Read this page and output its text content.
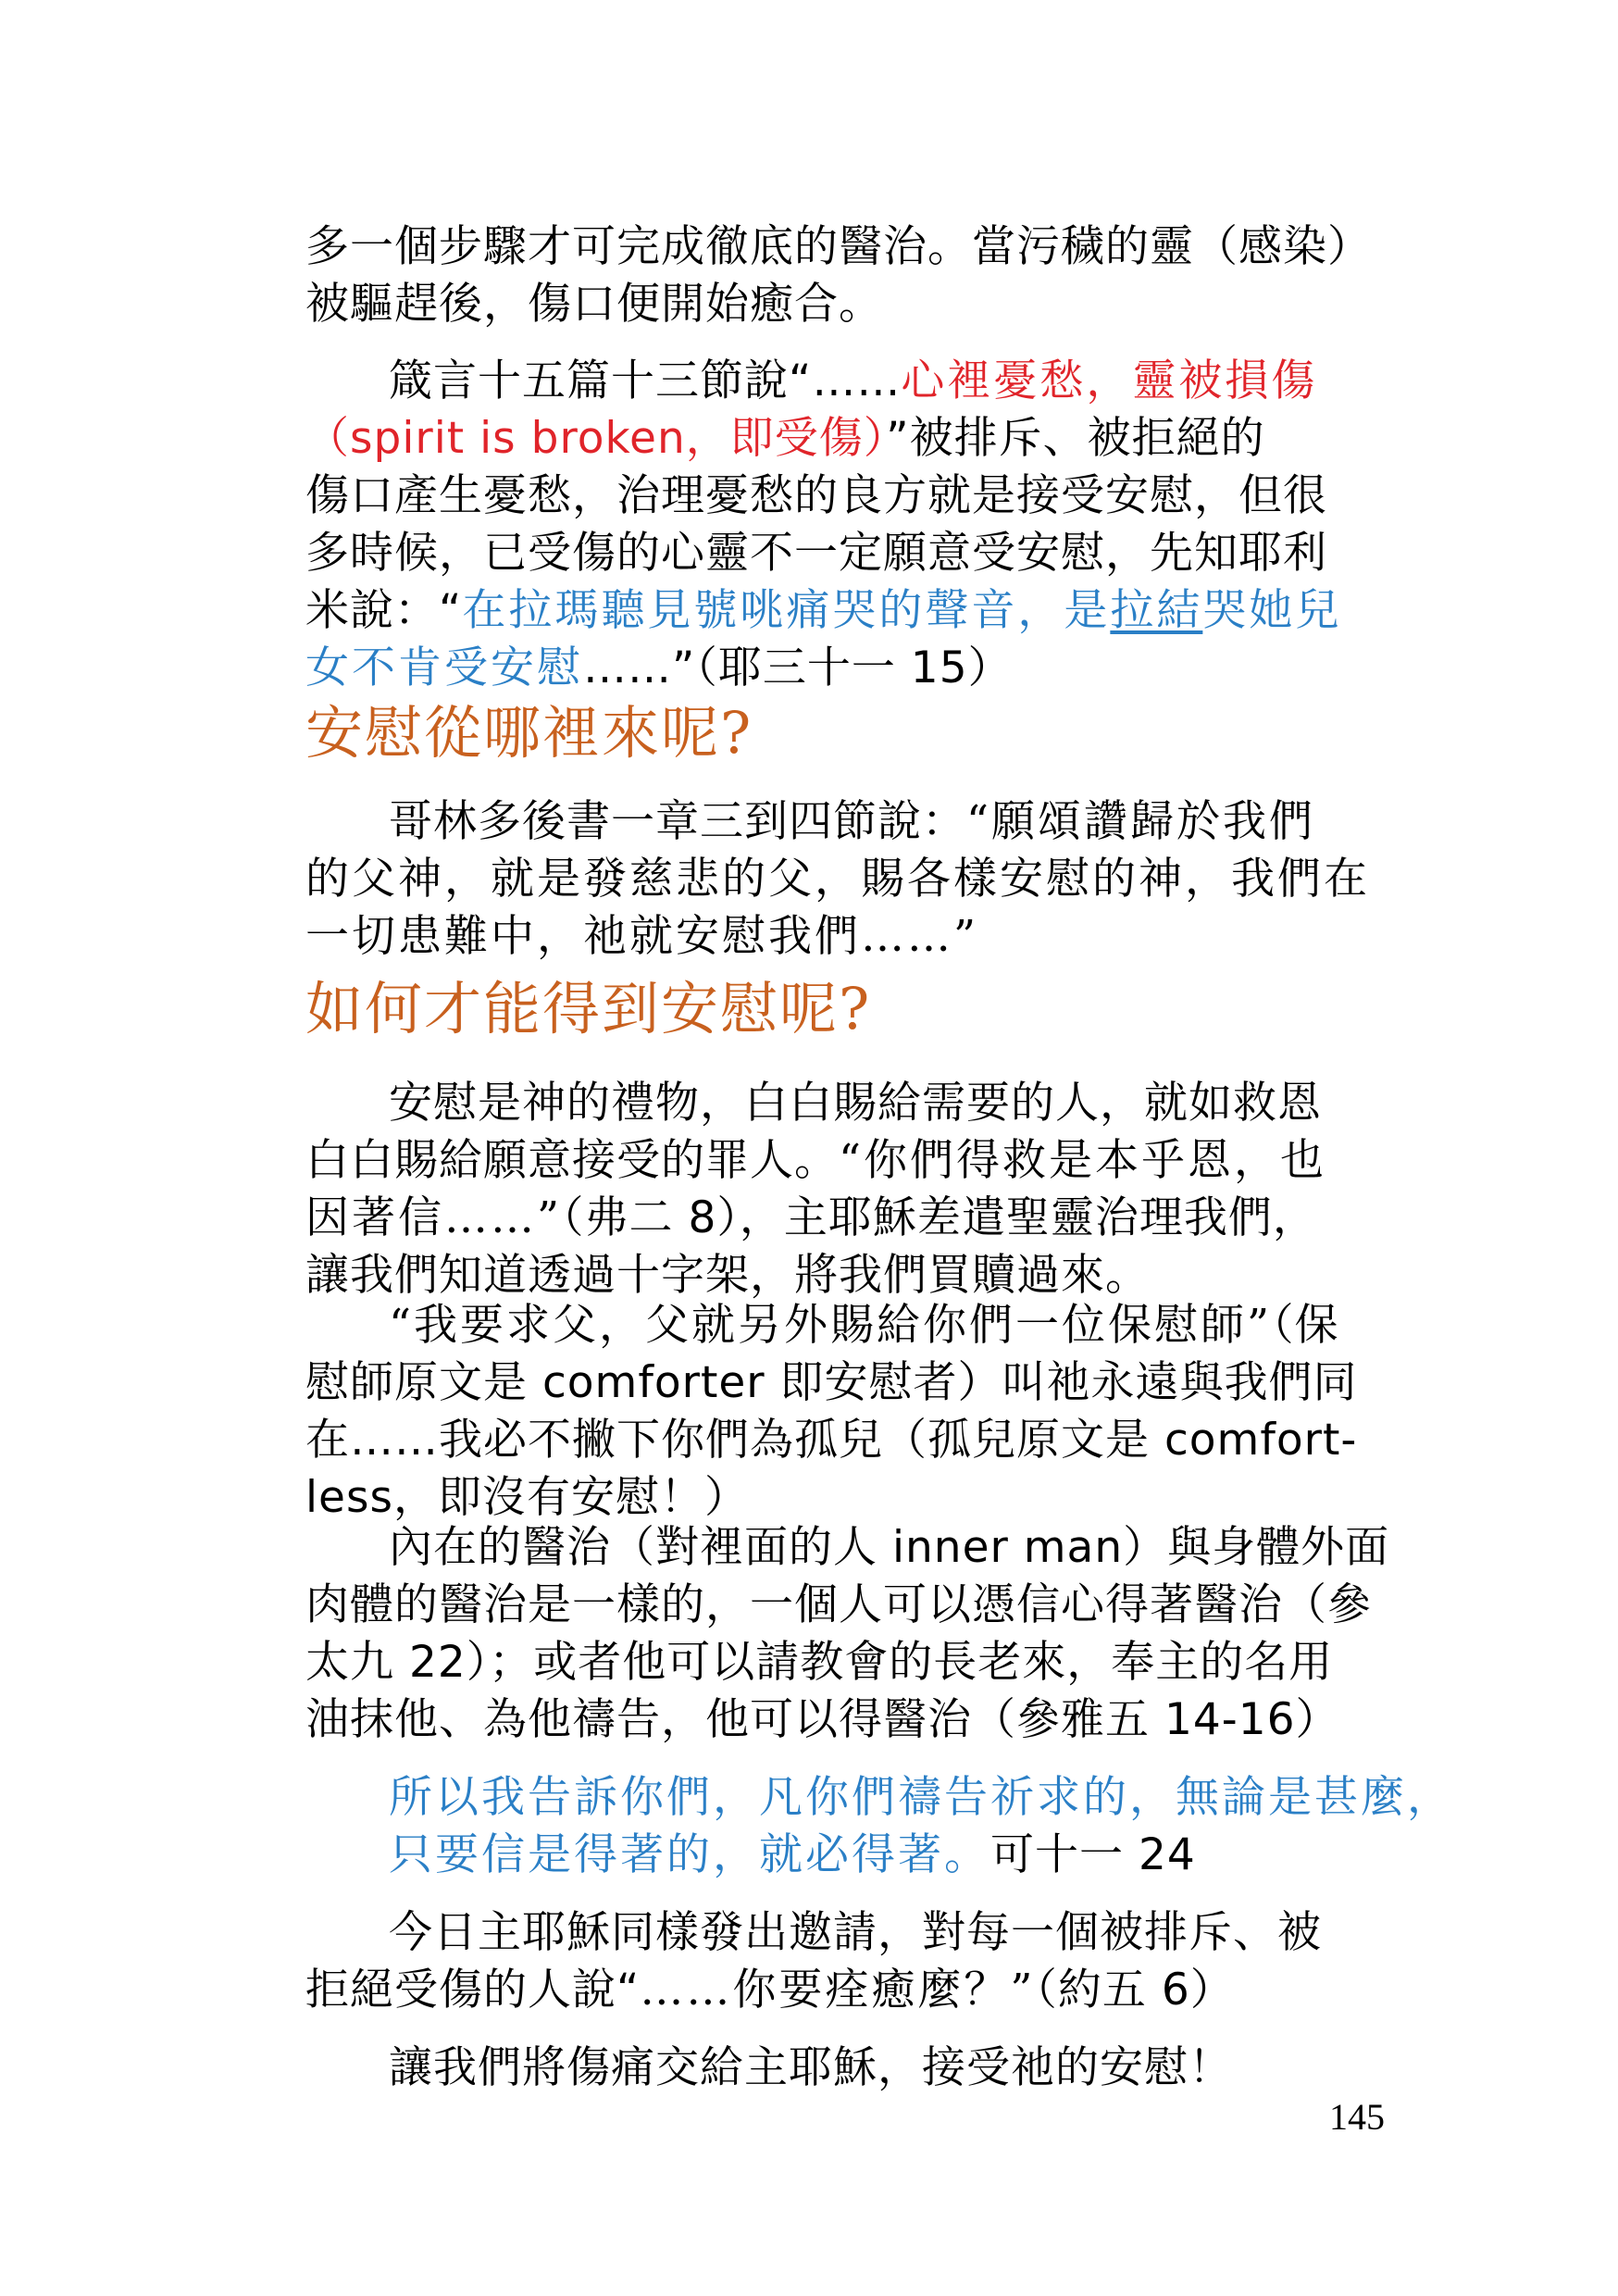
多一個步驟才可完成徹底的醫治。當污穢的靈（感染）
被驅趕後，傷口便開始癒合。
箴言十五篇十三節說“……心裡憂愁，靈被損傷
（spirit is broken，即受傷）”被排斥、被拒絕的
傷口產生憂愁，治理憂愁的良方就是接受安慰，但很
多時候，已受傷的心靈不一定願意受安慰，先知耶利
米說：“在拉瑪聽見號咷痛哭的聲音，是拉結哭她兒
女不肯受安慰……”（耶三十一 15）
安慰從哪裡來呢?
哥林多後書一章三到四節說：“願頌讚歸於我們
的父神，就是發慈悲的父，賜各樣安慰的神，我們在
一切患難中，祂就安慰我們……”
如何才能得到安慰呢?
安慰是神的禮物，白白賜給需要的人，就如救恩
白白賜給願意接受的罪人。“你們得救是本乎恩，也
因著信……”（弗二 8），主耶穌差遣聖靈治理我們，
讓我們知道透過十字架，將我們買贖過來。
“我要求父，父就另外賜給你們一位保慰師”（保
慰師原文是 comforter 即安慰者）叫祂永遠與我們同
在……我必不撇下你們為孤兒（孤兒原文是 comfort-
less，即沒有安慰！）
內在的醫治（對裡面的人 inner man）與身體外面
肉體的醫治是一樣的，一個人可以憑信心得著醫治（參
太九 22）；或者他可以請教會的長老來，奉主的名用
油抹他、為他禱告，他可以得醫治（參雅五 14-16）
所以我告訴你們，凡你們禱告祈求的，無論是甚麼，
只要信是得著的，就必得著。可十一 24
今日主耶穌同樣發出邀請，對每一個被排斥、被
拒絕受傷的人說“……你要痊癒麼？”（約五 6）
讓我們將傷痛交給主耶穌，接受祂的安慰！
145
